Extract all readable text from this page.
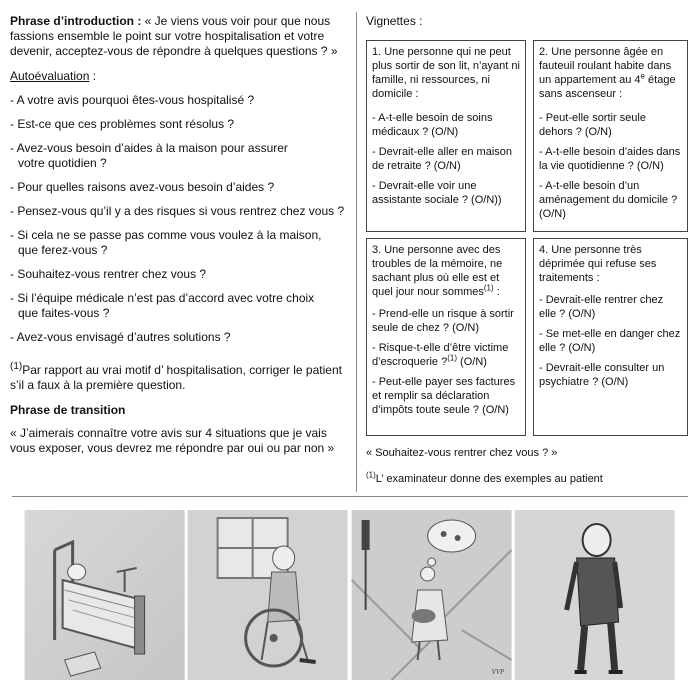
Phrase d’introduction : « Je viens vous voir pour que nous fassions ensemble le point sur votre hospitalisation et votre devenir, acceptez-vous de répondre à quelques questions ? »

Autoévaluation :

- A votre avis pourquoi êtes-vous hospitalisé ?

- Est-ce que ces problèmes sont résolus ?

- Avez-vous besoin d’aides à la maison pour assurer

votre quotidien ?

- Pour quelles raisons avez-vous besoin d’aides ?

- Pensez-vous qu’il y a des risques si vous rentrez chez vous ?

- Si cela ne se passe pas comme vous voulez à la maison,

que ferez-vous ?

- Souhaitez-vous rentrer chez vous ?

- Si l’équipe médicale n’est pas d’accord avec votre choix

que faites-vous ?

- Avez-vous envisagé d’autres solutions ?

$^{(1)}$Par rapport au vrai motif d’ hospitalisation, corriger le patient s’il a faux à la première question.

Phrase de transition

« J’aimerais connaître votre avis sur 4 situations que je vais vous exposer, vous devrez me répondre par oui ou par non »

Vignettes :

1. Une personne qui ne peut plus sortir de son lit, n’ayant ni famille, ni ressources, ni domicile :

- A-t-elle besoin de soins médicaux ? (O/N)

- Devrait-elle aller en maison de retraite ? (O/N)

- Devrait-elle voir une assistante sociale ? (O/N))

2. Une personne âgée en fauteuil roulant habite dans un appartement au 4e étage sans ascenseur :

- Peut-elle sortir seule dehors ? (O/N)

- A-t-elle besoin d’aides dans la vie quotidienne ? (O/N)

- A-t-elle besoin d’un aménagement du domicile ? (O/N)

3. Une personne avec des troubles de la mémoire, ne sachant plus où elle est et quel jour nour sommes$^{(1)}$ :

- Prend-elle un risque à sortir seule de chez ? (O/N)

- Risque-t-elle d’être victime d’escroquerie ?$^{(1)}$ (O/N)

- Peut-elle payer ses factures et remplir sa déclaration d’impôts toute seule ? (O/N)

4. Une personne très déprimée qui refuse ses traitements :

- Devrait-elle rentrer chez elle ? (O/N)

- Se met-elle en danger chez elle ? (O/N)

- Devrait-elle consulter un psychiatre ? (O/N)

« Souhaitez-vous rentrer chez vous ? »
$^{(1)}$L’ examinateur donne des exemples au patient
VVP
